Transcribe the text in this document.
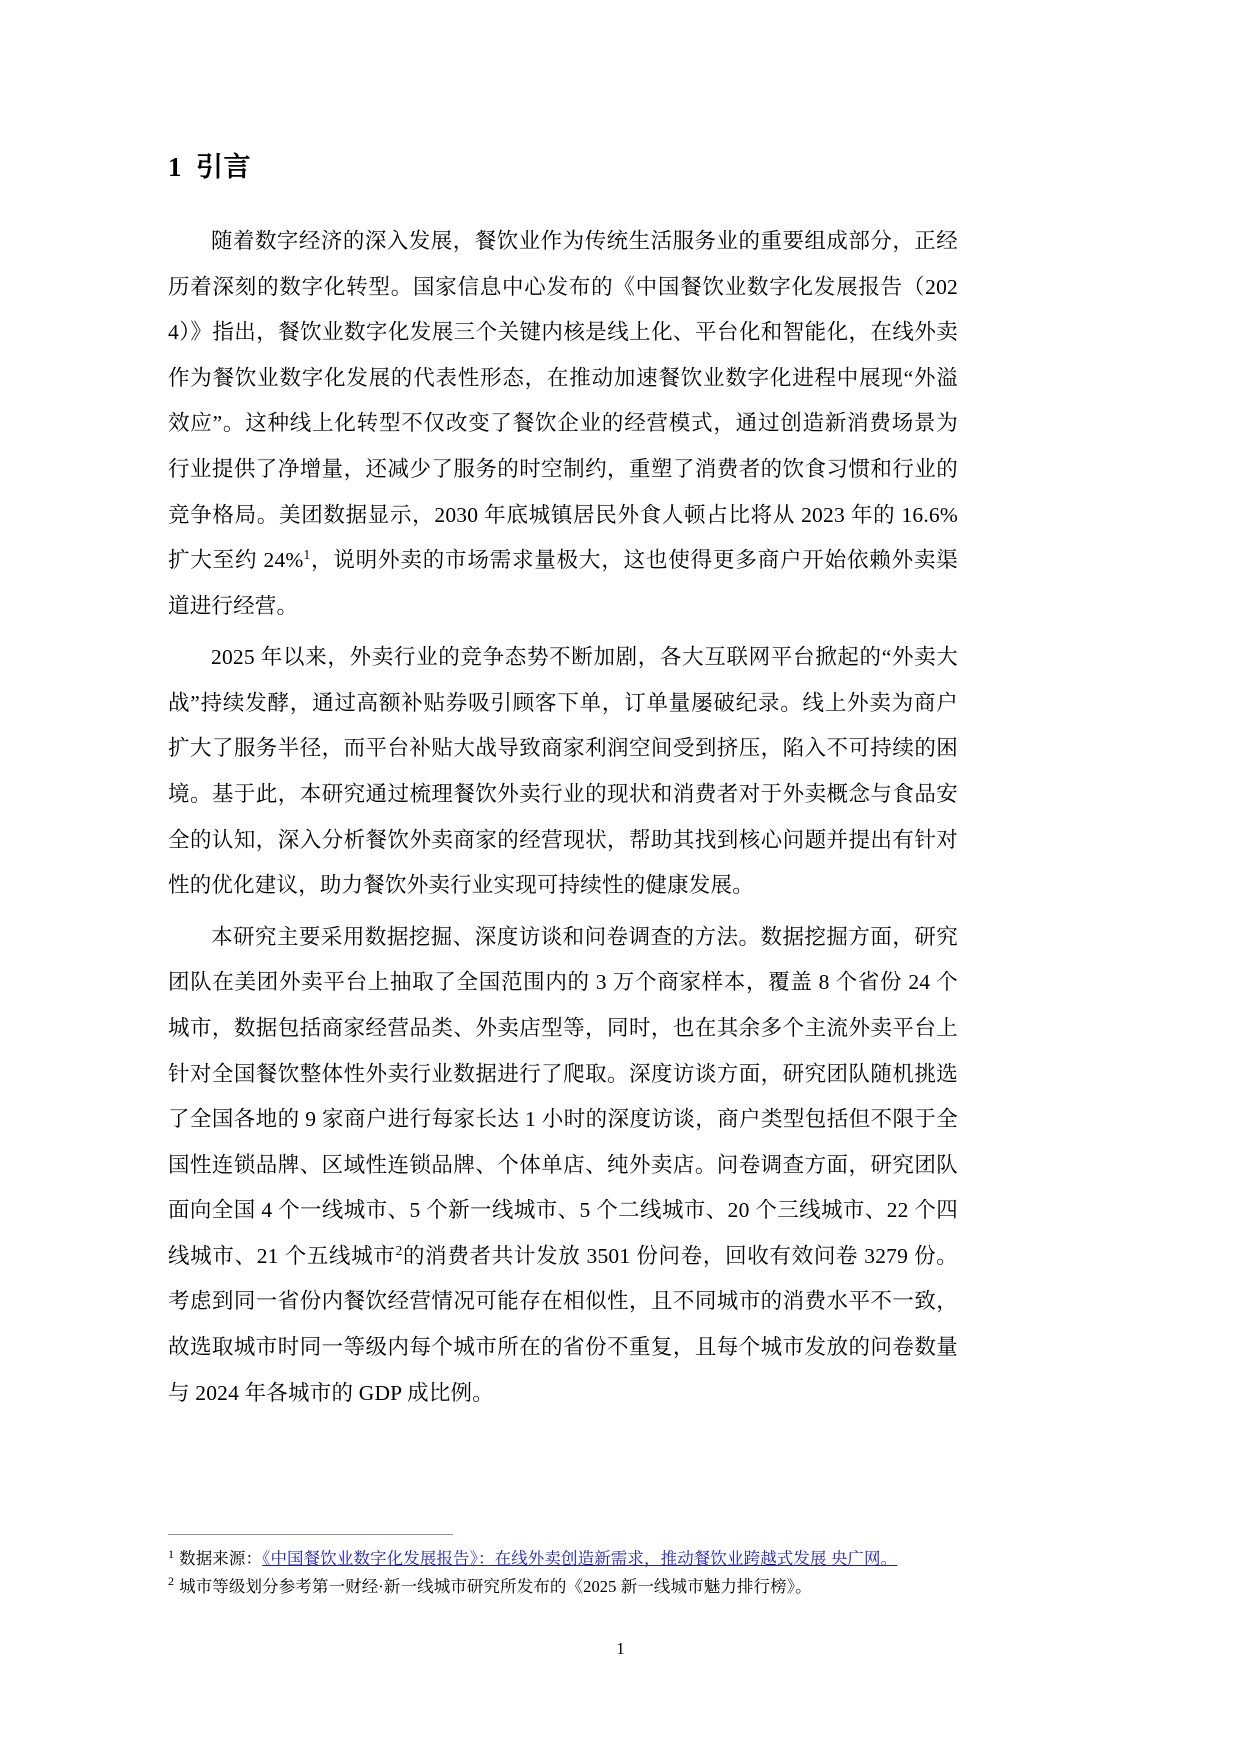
1 引言

随着数字经济的深入发展，餐饮业作为传统生活服务业的重要组成部分，正经历着深刻的数字化转型。国家信息中心发布的《中国餐饮业数字化发展报告（2024）》指出，餐饮业数字化发展三个关键内核是线上化、平台化和智能化，在线外卖作为餐饮业数字化发展的代表性形态，在推动加速餐饮业数字化进程中展现“外溢效应”。这种线上化转型不仅改变了餐饮企业的经营模式，通过创造新消费场景为行业提供了净增量，还减少了服务的时空制约，重塑了消费者的饮食习惯和行业的竞争格局。美团数据显示，2030 年底城镇居民外食人顿占比将从 2023 年的 16.6%扩大至约 24%$^1$，说明外卖的市场需求量极大，这也使得更多商户开始依赖外卖渠道进行经营。

2025 年以来，外卖行业的竞争态势不断加剧，各大互联网平台掀起的“外卖大战”持续发酵，通过高额补贴券吸引顾客下单，订单量屡破纪录。线上外卖为商户扩大了服务半径，而平台补贴大战导致商家利润空间受到挤压，陷入不可持续的困境。基于此，本研究通过梳理餐饮外卖行业的现状和消费者对于外卖概念与食品安全的认知，深入分析餐饮外卖商家的经营现状，帮助其找到核心问题并提出有针对性的优化建议，助力餐饮外卖行业实现可持续性的健康发展。

本研究主要采用数据挖掘、深度访谈和问卷调查的方法。数据挖掘方面，研究团队在美团外卖平台上抽取了全国范围内的 3 万个商家样本，覆盖 8 个省份 24 个城市，数据包括商家经营品类、外卖店型等，同时，也在其余多个主流外卖平台上针对全国餐饮整体性外卖行业数据进行了爬取。深度访谈方面，研究团队随机挑选了全国各地的 9 家商户进行每家长达 1 小时的深度访谈，商户类型包括但不限于全国性连锁品牌、区域性连锁品牌、个体单店、纯外卖店。问卷调查方面，研究团队面向全国 4 个一线城市、5 个新一线城市、5 个二线城市、20 个三线城市、22 个四线城市、21 个五线城市$^2$的消费者共计发放 3501 份问卷，回收有效问卷 3279 份。考虑到同一省份内餐饮经营情况可能存在相似性，且不同城市的消费水平不一致，故选取城市时同一等级内每个城市所在的省份不重复，且每个城市发放的问卷数量与 2024 年各城市的 GDP 成比例。

$^1$ 数据来源：《中国餐饮业数字化发展报告》：在线外卖创造新需求，推动餐饮业跨越式发展 央广网。

$^2$ 城市等级划分参考第一财经·新一线城市研究所发布的《2025 新一线城市魅力排行榜》。

1
